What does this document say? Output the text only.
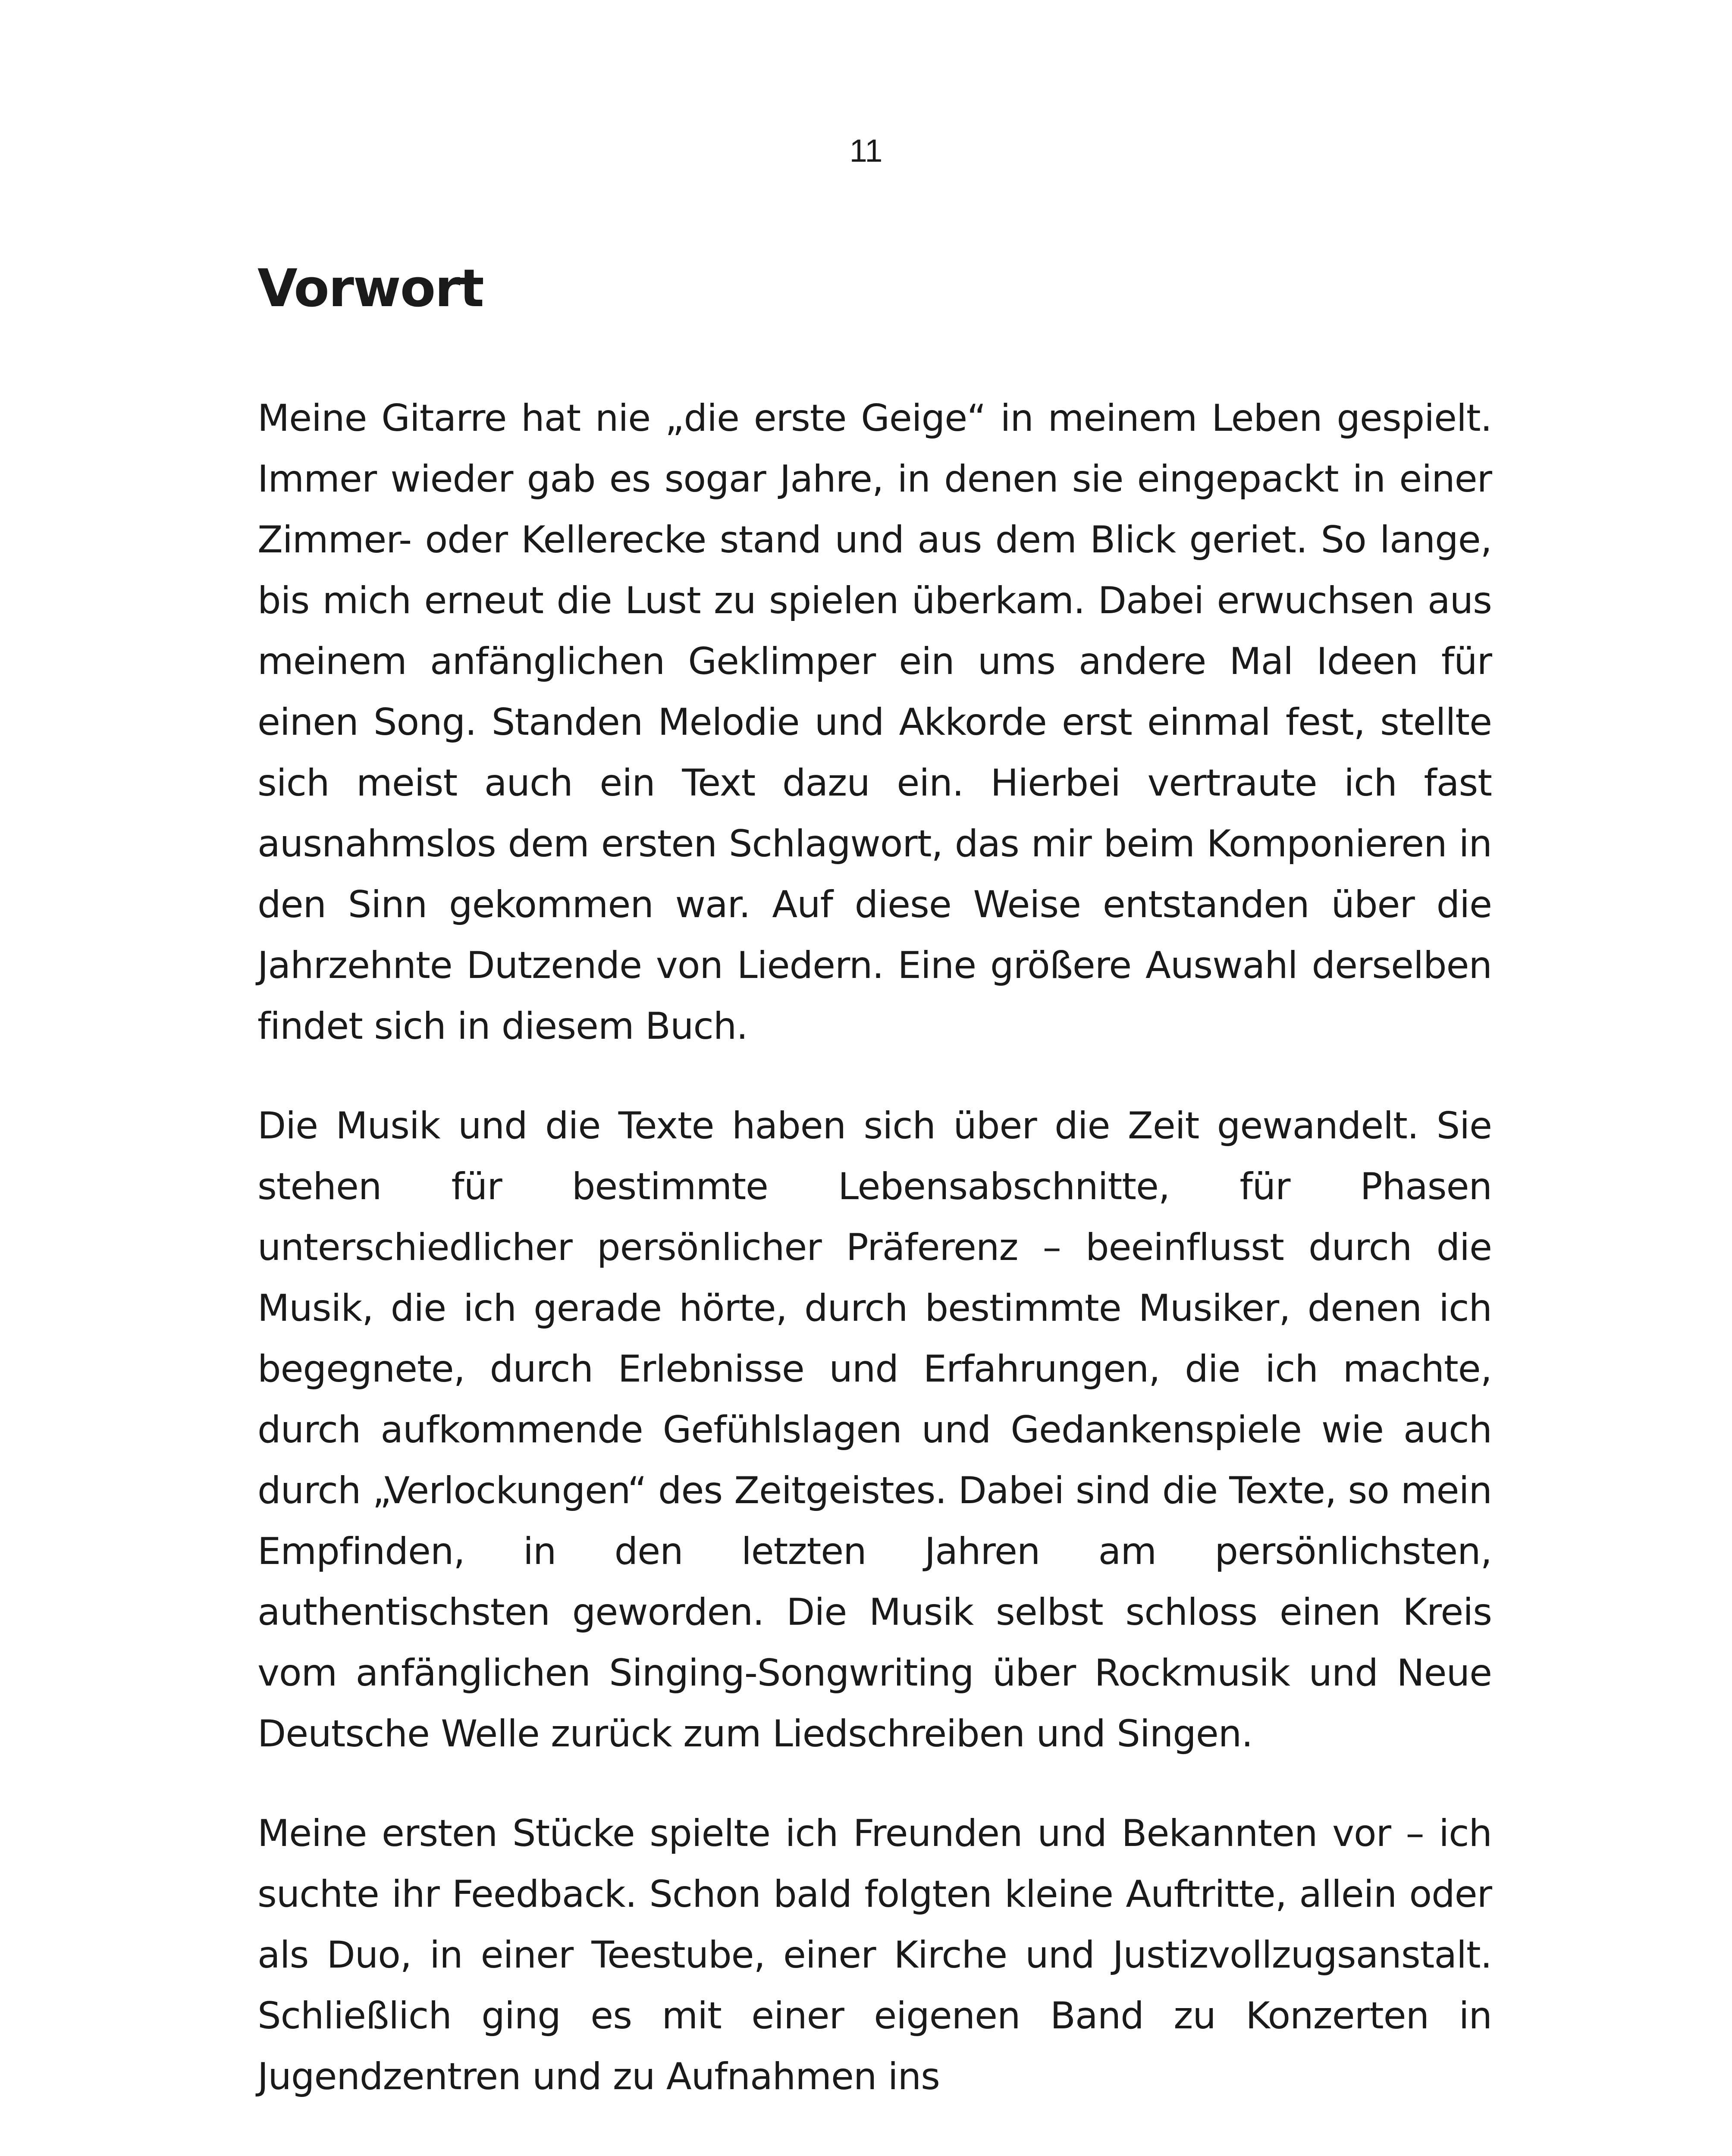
11
Vorwort

Meine Gitarre hat nie „die erste Geige“ in meinem Leben gespielt. Immer wieder gab es sogar Jahre, in denen sie eingepackt in einer Zimmer- oder Kellerecke stand und aus dem Blick geriet. So lange, bis mich erneut die Lust zu spielen überkam. Dabei erwuchsen aus meinem anfänglichen Geklimper ein ums andere Mal Ideen für einen Song. Standen Melodie und Akkorde erst einmal fest, stellte sich meist auch ein Text dazu ein. Hierbei vertraute ich fast ausnahmslos dem ersten Schlagwort, das mir beim Komponieren in den Sinn gekommen war. Auf diese Weise entstanden über die Jahrzehnte Dutzende von Liedern. Eine größere Auswahl derselben findet sich in diesem Buch.

Die Musik und die Texte haben sich über die Zeit gewandelt. Sie stehen für bestimmte Lebensabschnitte, für Phasen unterschiedlicher persönlicher Präferenz – beeinflusst durch die Musik, die ich gerade hörte, durch bestimmte Musiker, denen ich begegnete, durch Erlebnisse und Erfahrungen, die ich machte, durch aufkommende Gefühlslagen und Gedankenspiele wie auch durch „Verlockungen“ des Zeitgeistes. Dabei sind die Texte, so mein Empfinden, in den letzten Jahren am persönlichsten, authentischsten geworden. Die Musik selbst schloss einen Kreis vom anfänglichen Singing-Songwriting über Rockmusik und Neue Deutsche Welle zurück zum Liedschreiben und Singen.

Meine ersten Stücke spielte ich Freunden und Bekannten vor – ich suchte ihr Feedback. Schon bald folgten kleine Auftritte, allein oder als Duo, in einer Teestube, einer Kirche und Justizvollzugsanstalt. Schließlich ging es mit einer eigenen Band zu Konzerten in Jugendzentren und zu Aufnahmen ins
